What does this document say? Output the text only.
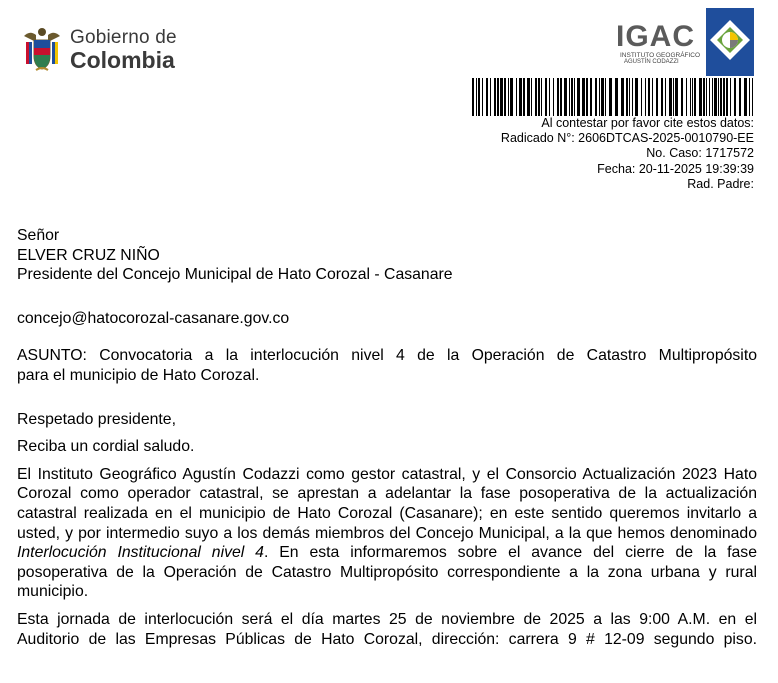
Gobierno de
Colombia
IGAC
INSTITUTO GEOGRÁFICO
AGUSTÍN CODAZZI
Al contestar por favor cite estos datos:
Radicado N°: 2606DTCAS-2025-0010790-EE
No. Caso: 1717572
Fecha: 20-11-2025 19:39:39
Rad. Padre:

Señor

ELVER CRUZ NIÑO

Presidente del Concejo Municipal de Hato Corozal - Casanare

concejo@hatocorozal-casanare.gov.co

ASUNTO: Convocatoria a la interlocución nivel 4 de la Operación de Catastro Multipropósito

para el municipio de Hato Corozal.

Respetado presidente,

Reciba un cordial saludo.

El Instituto Geográfico Agustín Codazzi como gestor catastral, y el Consorcio Actualización 2023 Hato Corozal como operador catastral, se aprestan a adelantar la fase posoperativa de la actualización catastral realizada en el municipio de Hato Corozal (Casanare); en este sentido queremos invitarlo a usted, y por intermedio suyo a los demás miembros del Concejo Municipal, a la que hemos denominado Interlocución Institucional nivel 4. En esta informaremos sobre el avance del cierre de la fase posoperativa de la Operación de Catastro Multipropósito correspondiente a la zona urbana y rural municipio.

Esta jornada de interlocución será el día martes 25 de noviembre de 2025 a las 9:00 A.M. en el

Auditorio de las Empresas Públicas de Hato Corozal, dirección: carrera 9 # 12-09 segundo piso.
